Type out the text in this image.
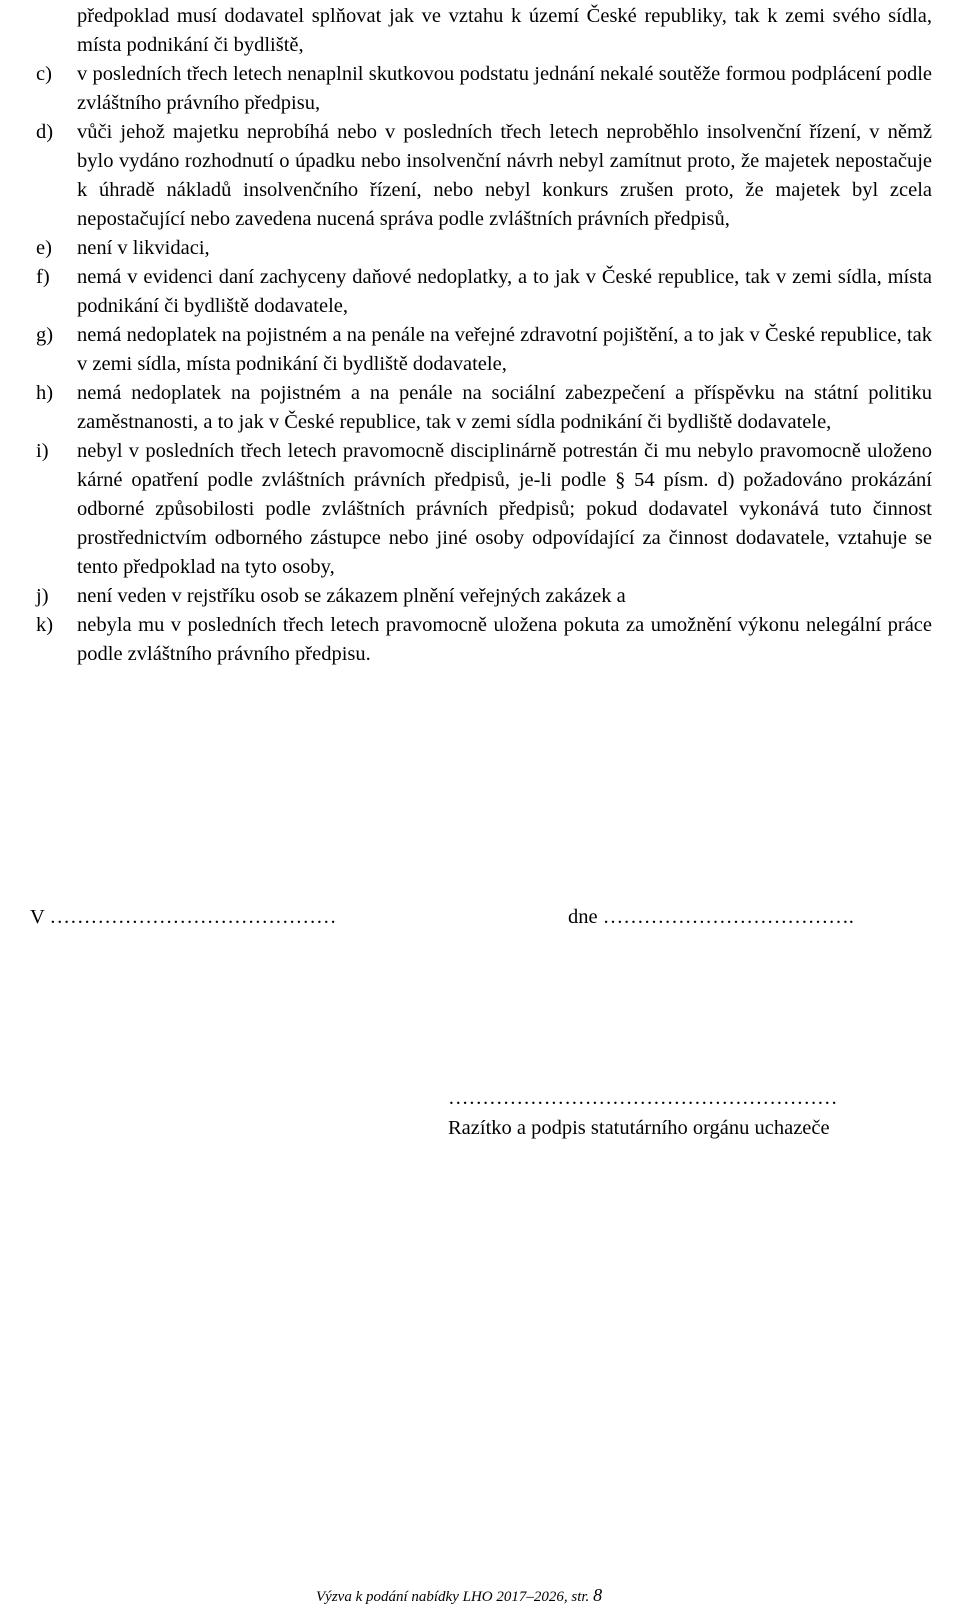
předpoklad musí dodavatel splňovat jak ve vztahu k území České republiky, tak k zemi svého sídla, místa podnikání či bydliště,
c)	v posledních třech letech nenaplnil skutkovou podstatu jednání nekalé soutěže formou podplácení podle zvláštního právního předpisu,
d)	vůči jehož majetku neprobíhá nebo v posledních třech letech neproběhlo insolvenční řízení, v němž bylo vydáno rozhodnutí o úpadku nebo insolvenční návrh nebyl zamítnut proto, že majetek nepostačuje k úhradě nákladů insolvenčního řízení, nebo nebyl konkurs zrušen proto, že majetek byl zcela nepostačující nebo zavedena nucená správa podle zvláštních právních předpisů,
e)	není v likvidaci,
f)	nemá v evidenci daní zachyceny daňové nedoplatky, a to jak v České republice, tak v zemi sídla, místa podnikání či bydliště dodavatele,
g)	nemá nedoplatek na pojistném a na penále na veřejné zdravotní pojištění, a to jak v České republice, tak v zemi sídla, místa podnikání či bydliště dodavatele,
h)	nemá nedoplatek na pojistném a na penále na sociální zabezpečení a příspěvku na státní politiku zaměstnanosti, a to jak v České republice, tak v zemi sídla podnikání či bydliště dodavatele,
i)	nebyl v posledních třech letech pravomocně disciplinárně potrestán či mu nebylo pravomocně uloženo kárné opatření podle zvláštních právních předpisů, je-li podle § 54 písm. d) požadováno prokázání odborné způsobilosti podle zvláštních právních předpisů; pokud dodavatel vykonává tuto činnost prostřednictvím odborného zástupce nebo jiné osoby odpovídající za činnost dodavatele, vztahuje se tento předpoklad na tyto osoby,
j)	není veden v rejstříku osob se zákazem plnění veřejných zakázek a
k)	nebyla mu v posledních třech letech pravomocně uložena pokuta za umožnění výkonu nelegální práce podle zvláštního právního předpisu.
V ……………………………………	dne ……………………………….
…………………………………………………
Razítko a podpis statutárního orgánu uchazeče
Výzva k podání nabídky LHO 2017–2026, str. 8
